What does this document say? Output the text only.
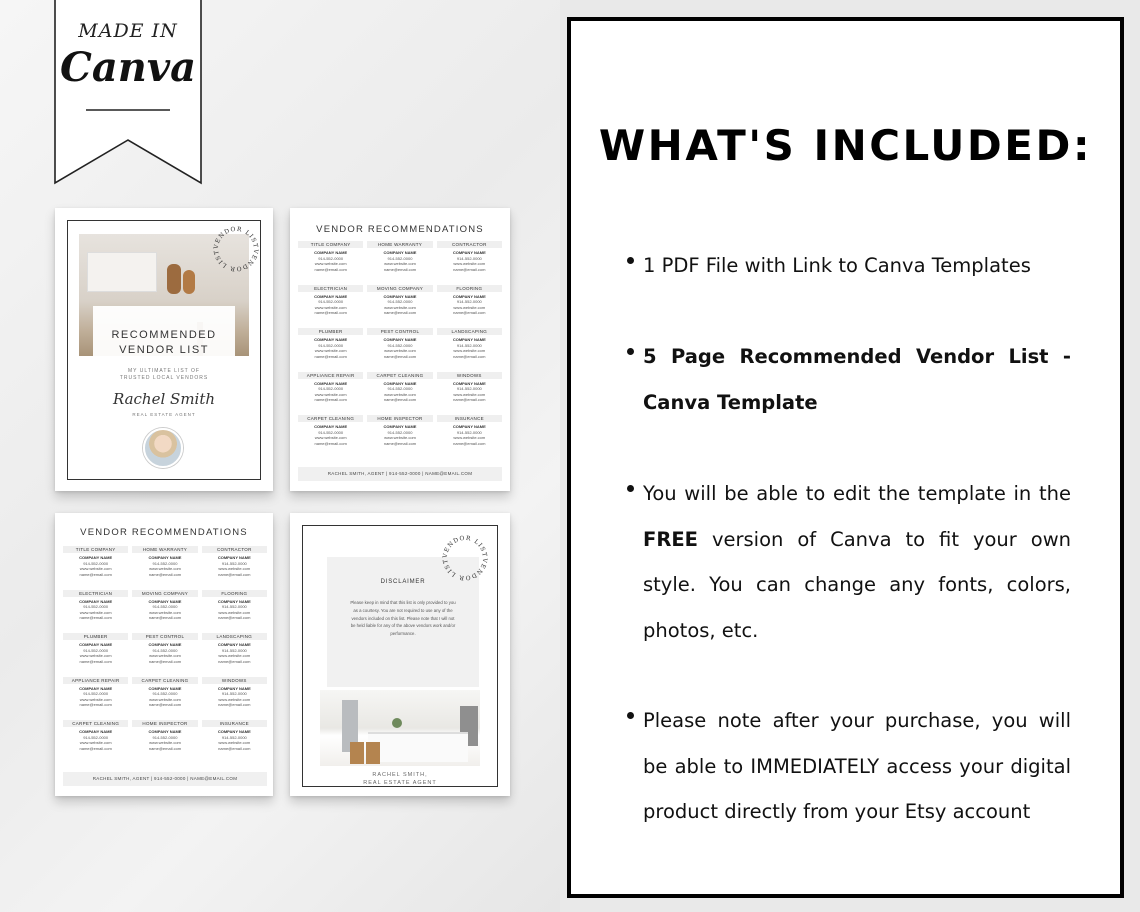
MADE IN
Canva
VENDOR LIST
VENDOR LIST
RECOMMENDED
VENDOR LIST
MY ULTIMATE LIST OF
TRUSTED LOCAL VENDORS
Rachel Smith
REAL ESTATE AGENT
VENDOR RECOMMENDATIONS
TITLE COMPANY
COMPANY NAME
914-552-0000
www.website.com
name@email.com
HOME WARRANTY
COMPANY NAME
914-552-0000
www.website.com
name@email.com
CONTRACTOR
COMPANY NAME
914-552-0000
www.website.com
name@email.com
ELECTRICIAN
COMPANY NAME
914-552-0000
www.website.com
name@email.com
MOVING COMPANY
COMPANY NAME
914-552-0000
www.website.com
name@email.com
FLOORING
COMPANY NAME
914-552-0000
www.website.com
name@email.com
PLUMBER
COMPANY NAME
914-552-0000
www.website.com
name@email.com
PEST CONTROL
COMPANY NAME
914-552-0000
www.website.com
name@email.com
LANDSCAPING
COMPANY NAME
914-552-0000
www.website.com
name@email.com
APPLIANCE REPAIR
COMPANY NAME
914-552-0000
www.website.com
name@email.com
CARPET CLEANING
COMPANY NAME
914-552-0000
www.website.com
name@email.com
WINDOWS
COMPANY NAME
914-552-0000
www.website.com
name@email.com
CARPET CLEANING
COMPANY NAME
914-552-0000
www.website.com
name@email.com
HOME INSPECTOR
COMPANY NAME
914-552-0000
www.website.com
name@email.com
INSURANCE
COMPANY NAME
914-552-0000
www.website.com
name@email.com
RACHEL SMITH, AGENT | 914-552-0000 | NAME@EMAIL.COM
VENDOR RECOMMENDATIONS
TITLE COMPANY
COMPANY NAME
914-552-0000
www.website.com
name@email.com
HOME WARRANTY
COMPANY NAME
914-552-0000
www.website.com
name@email.com
CONTRACTOR
COMPANY NAME
914-552-0000
www.website.com
name@email.com
ELECTRICIAN
COMPANY NAME
914-552-0000
www.website.com
name@email.com
MOVING COMPANY
COMPANY NAME
914-552-0000
www.website.com
name@email.com
FLOORING
COMPANY NAME
914-552-0000
www.website.com
name@email.com
PLUMBER
COMPANY NAME
914-552-0000
www.website.com
name@email.com
PEST CONTROL
COMPANY NAME
914-552-0000
www.website.com
name@email.com
LANDSCAPING
COMPANY NAME
914-552-0000
www.website.com
name@email.com
APPLIANCE REPAIR
COMPANY NAME
914-552-0000
www.website.com
name@email.com
CARPET CLEANING
COMPANY NAME
914-552-0000
www.website.com
name@email.com
WINDOWS
COMPANY NAME
914-552-0000
www.website.com
name@email.com
CARPET CLEANING
COMPANY NAME
914-552-0000
www.website.com
name@email.com
HOME INSPECTOR
COMPANY NAME
914-552-0000
www.website.com
name@email.com
INSURANCE
COMPANY NAME
914-552-0000
www.website.com
name@email.com
RACHEL SMITH, AGENT | 914-552-0000 | NAME@EMAIL.COM
DISCLAIMER
Please keep in mind that this list is only provided to you as a courtesy. You are not required to use any of the vendors included on this list. Please note that I will not be held liable for any of the above vendors work and/or performance.
VENDOR LIST
VENDOR LIST
RACHEL SMITH,
REAL ESTATE AGENT
WHAT'S INCLUDED:
1 PDF File with Link to Canva Templates
5 Page Recommended Vendor List - Canva Template
You will be able to edit the template in the FREE version of Canva to fit your own style. You can change any fonts, colors, photos, etc.
Please note after your purchase, you will be able to IMMEDIATELY access your digital product directly from your Etsy account
